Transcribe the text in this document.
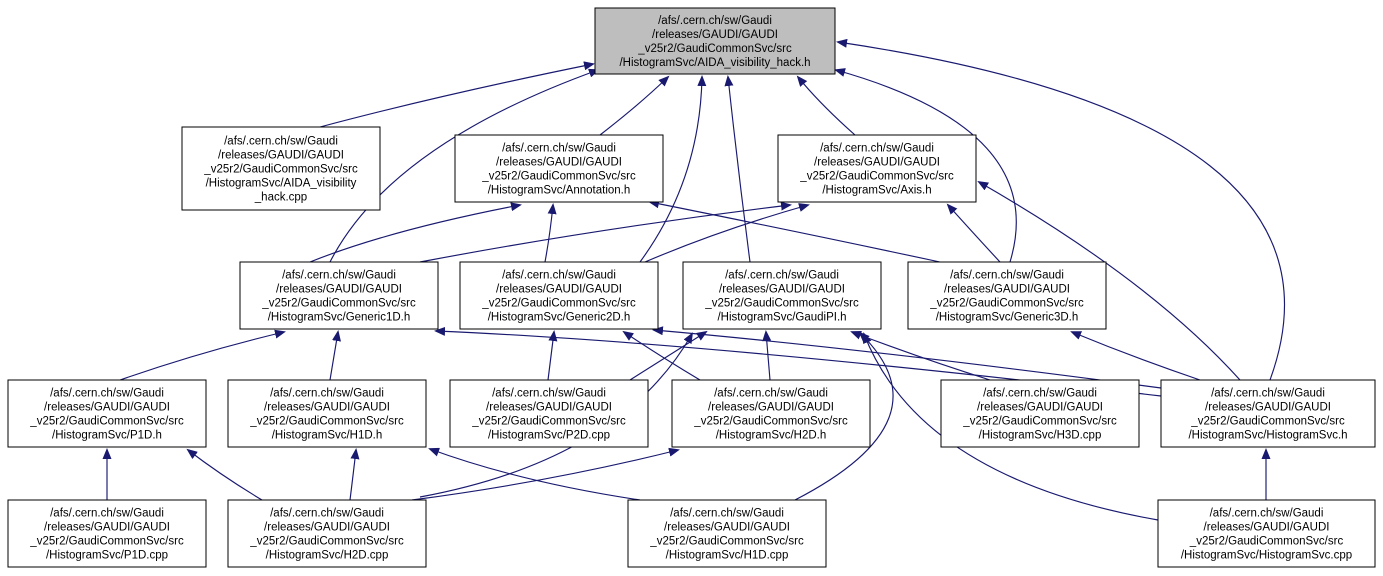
/afs/.cern.ch/sw/Gaudi /releases/GAUDI/GAUDI _v25r2/GaudiCommonSvc/src /HistogramSvc/AIDA_visibility_hack.h
/afs/.cern.ch/sw/Gaudi /releases/GAUDI/GAUDI _v25r2/GaudiCommonSvc/src /HistogramSvc/AIDA_visibility _hack.cpp
/afs/.cern.ch/sw/Gaudi /releases/GAUDI/GAUDI _v25r2/GaudiCommonSvc/src /HistogramSvc/Annotation.h
/afs/.cern.ch/sw/Gaudi /releases/GAUDI/GAUDI _v25r2/GaudiCommonSvc/src /HistogramSvc/Axis.h
/afs/.cern.ch/sw/Gaudi /releases/GAUDI/GAUDI _v25r2/GaudiCommonSvc/src /HistogramSvc/Generic1D.h
/afs/.cern.ch/sw/Gaudi /releases/GAUDI/GAUDI _v25r2/GaudiCommonSvc/src /HistogramSvc/Generic2D.h
/afs/.cern.ch/sw/Gaudi /releases/GAUDI/GAUDI _v25r2/GaudiCommonSvc/src /HistogramSvc/GaudiPI.h
/afs/.cern.ch/sw/Gaudi /releases/GAUDI/GAUDI _v25r2/GaudiCommonSvc/src /HistogramSvc/Generic3D.h
/afs/.cern.ch/sw/Gaudi /releases/GAUDI/GAUDI _v25r2/GaudiCommonSvc/src /HistogramSvc/P1D.h
/afs/.cern.ch/sw/Gaudi /releases/GAUDI/GAUDI _v25r2/GaudiCommonSvc/src /HistogramSvc/H1D.h
/afs/.cern.ch/sw/Gaudi /releases/GAUDI/GAUDI _v25r2/GaudiCommonSvc/src /HistogramSvc/P2D.cpp
/afs/.cern.ch/sw/Gaudi /releases/GAUDI/GAUDI _v25r2/GaudiCommonSvc/src /HistogramSvc/H2D.h
/afs/.cern.ch/sw/Gaudi /releases/GAUDI/GAUDI _v25r2/GaudiCommonSvc/src /HistogramSvc/H3D.cpp
/afs/.cern.ch/sw/Gaudi /releases/GAUDI/GAUDI _v25r2/GaudiCommonSvc/src /HistogramSvc/HistogramSvc.h
/afs/.cern.ch/sw/Gaudi /releases/GAUDI/GAUDI _v25r2/GaudiCommonSvc/src /HistogramSvc/P1D.cpp
/afs/.cern.ch/sw/Gaudi /releases/GAUDI/GAUDI _v25r2/GaudiCommonSvc/src /HistogramSvc/H2D.cpp
/afs/.cern.ch/sw/Gaudi /releases/GAUDI/GAUDI _v25r2/GaudiCommonSvc/src /HistogramSvc/H1D.cpp
/afs/.cern.ch/sw/Gaudi /releases/GAUDI/GAUDI _v25r2/GaudiCommonSvc/src /HistogramSvc/HistogramSvc.cpp
